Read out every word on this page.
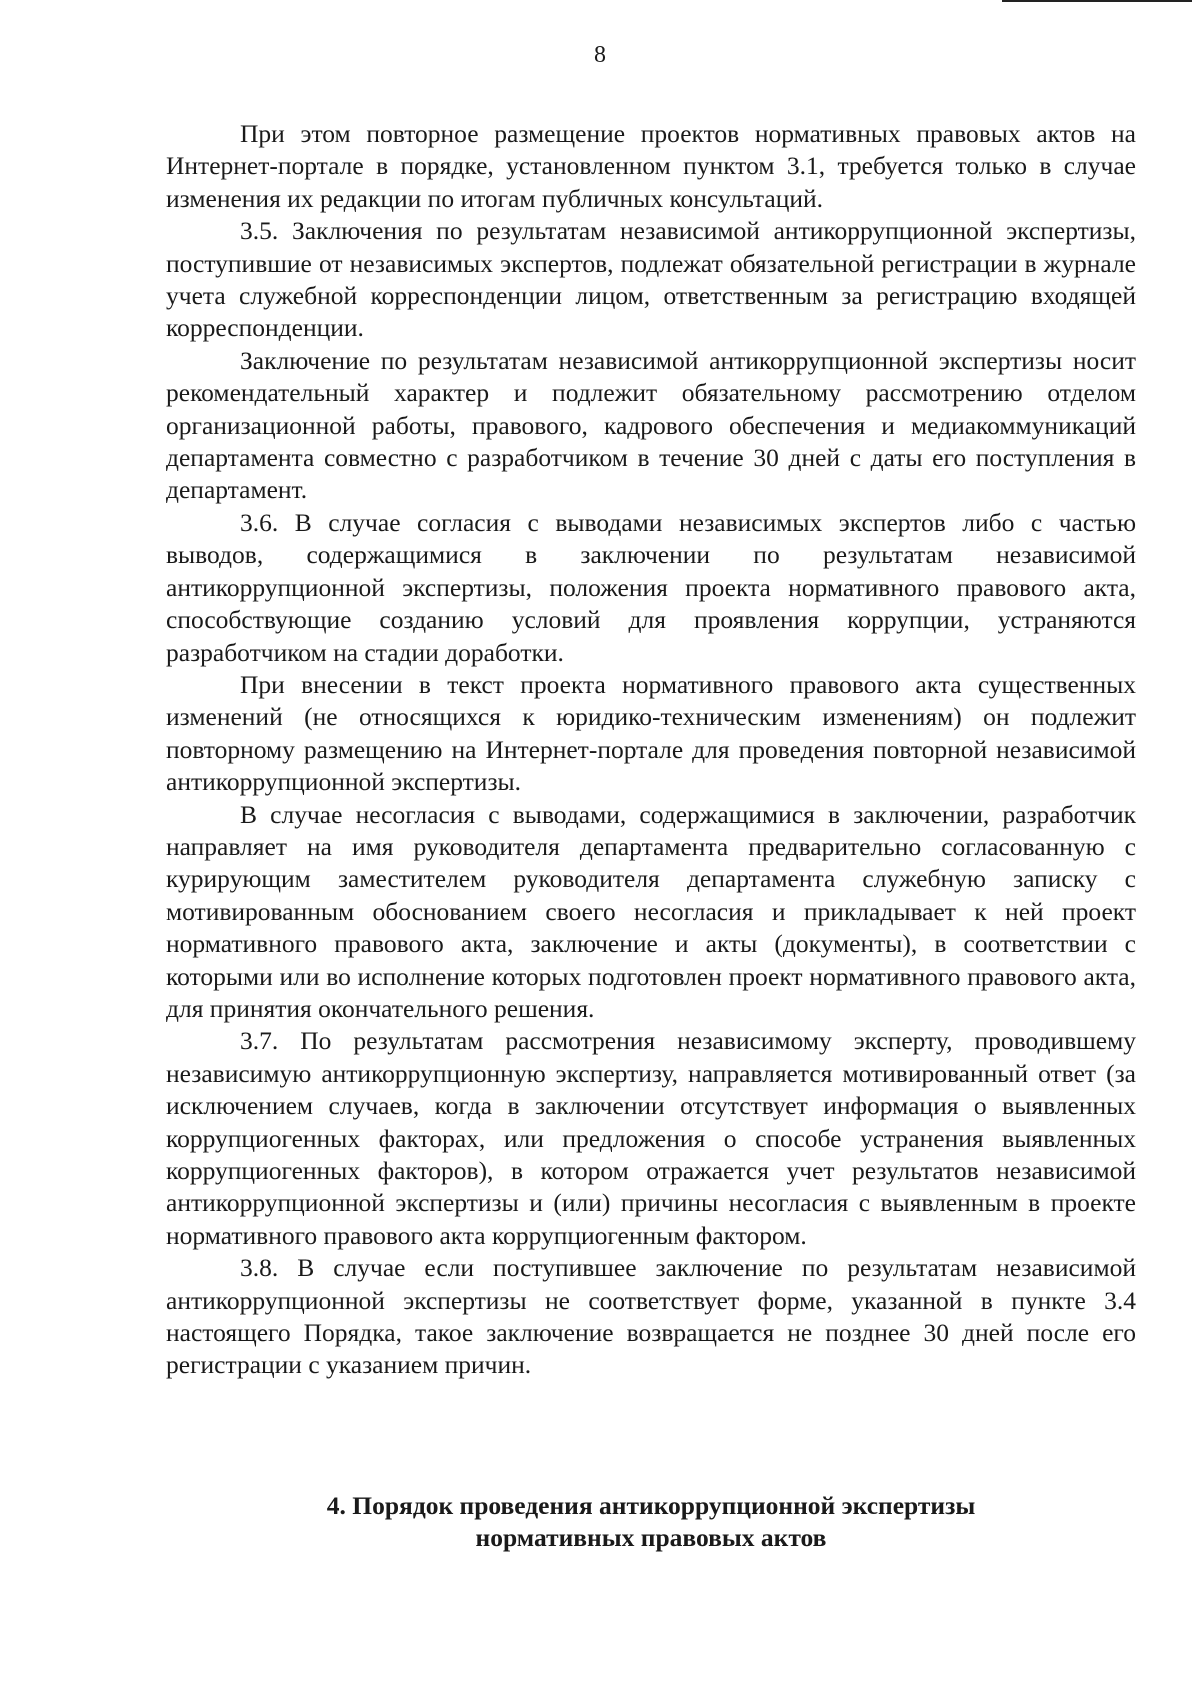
8

При этом повторное размещение проектов нормативных правовых актов на Интернет-портале в порядке, установленном пунктом 3.1, требуется только в случае изменения их редакции по итогам публичных консультаций.

3.5. Заключения по результатам независимой антикоррупционной экспертизы, поступившие от независимых экспертов, подлежат обязательной регистрации в журнале учета служебной корреспонденции лицом, ответственным за регистрацию входящей корреспонденции.

Заключение по результатам независимой антикоррупционной экспертизы носит рекомендательный характер и подлежит обязательному рассмотрению отделом организационной работы, правового, кадрового обеспечения и медиакоммуникаций департамента совместно с разработчиком в течение 30 дней с даты его поступления в департамент.

3.6. В случае согласия с выводами независимых экспертов либо с частью выводов, содержащимися в заключении по результатам независимой антикоррупционной экспертизы, положения проекта нормативного правового акта, способствующие созданию условий для проявления коррупции, устраняются разработчиком на стадии доработки.

При внесении в текст проекта нормативного правового акта существенных изменений (не относящихся к юридико-техническим изменениям) он подлежит повторному размещению на Интернет-портале для проведения повторной независимой антикоррупционной экспертизы.

В случае несогласия с выводами, содержащимися в заключении, разработчик направляет на имя руководителя департамента предварительно согласованную с курирующим заместителем руководителя департамента служебную записку с мотивированным обоснованием своего несогласия и прикладывает к ней проект нормативного правового акта, заключение и акты (документы), в соответствии с которыми или во исполнение которых подготовлен проект нормативного правового акта, для принятия окончательного решения.

3.7. По результатам рассмотрения независимому эксперту, проводившему независимую антикоррупционную экспертизу, направляется мотивированный ответ (за исключением случаев, когда в заключении отсутствует информация о выявленных коррупциогенных факторах, или предложения о способе устранения выявленных коррупциогенных факторов), в котором отражается учет результатов независимой антикоррупционной экспертизы и (или) причины несогласия с выявленным в проекте нормативного правового акта коррупциогенным фактором.

3.8. В случае если поступившее заключение по результатам независимой антикоррупционной экспертизы не соответствует форме, указанной в пункте 3.4 настоящего Порядка, такое заключение возвращается не позднее 30 дней после его регистрации с указанием причин.

4. Порядок проведения антикоррупционной экспертизы
нормативных правовых актов
